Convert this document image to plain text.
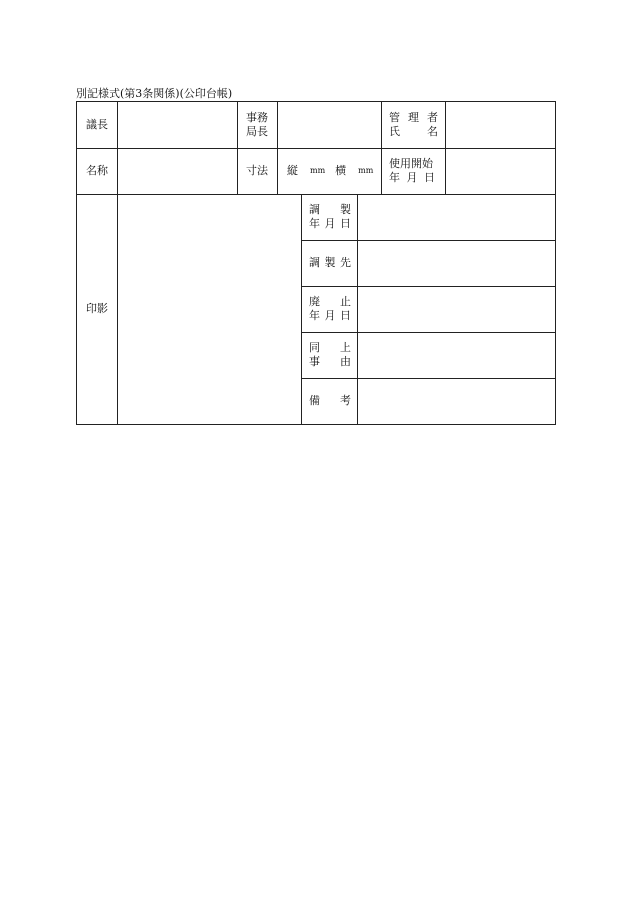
別記様式(第3条関係)(公印台帳)
議長
事務
局長
管 理 者
氏 名
名称	寸法 縦 mm 横 mm
使用開始
年 月 日
印影
調 製
年 月 日
調 製 先
廃 止
年 月 日
同 上
事 由
備 考
